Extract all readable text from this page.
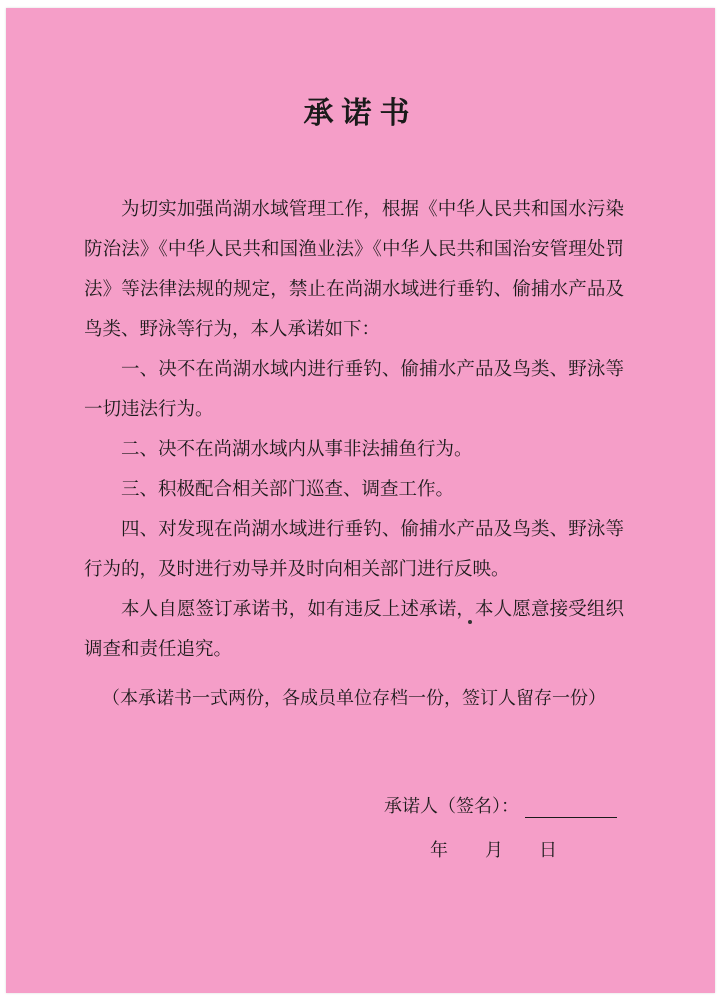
承诺书

为切实加强尚湖水域管理工作，根据《中华人民共和国水污染防治法》《中华人民共和国渔业法》《中华人民共和国治安管理处罚法》等法律法规的规定，禁止在尚湖水域进行垂钓、偷捕水产品及鸟类、野泳等行为，本人承诺如下：

一、决不在尚湖水域内进行垂钓、偷捕水产品及鸟类、野泳等一切违法行为。

二、决不在尚湖水域内从事非法捕鱼行为。

三、积极配合相关部门巡查、调查工作。

四、对发现在尚湖水域进行垂钓、偷捕水产品及鸟类、野泳等行为的，及时进行劝导并及时向相关部门进行反映。

本人自愿签订承诺书，如有违反上述承诺，本人愿意接受组织调查和责任追究。

（本承诺书一式两份，各成员单位存档一份，签订人留存一份）
承诺人（签名）：
年 月 日
